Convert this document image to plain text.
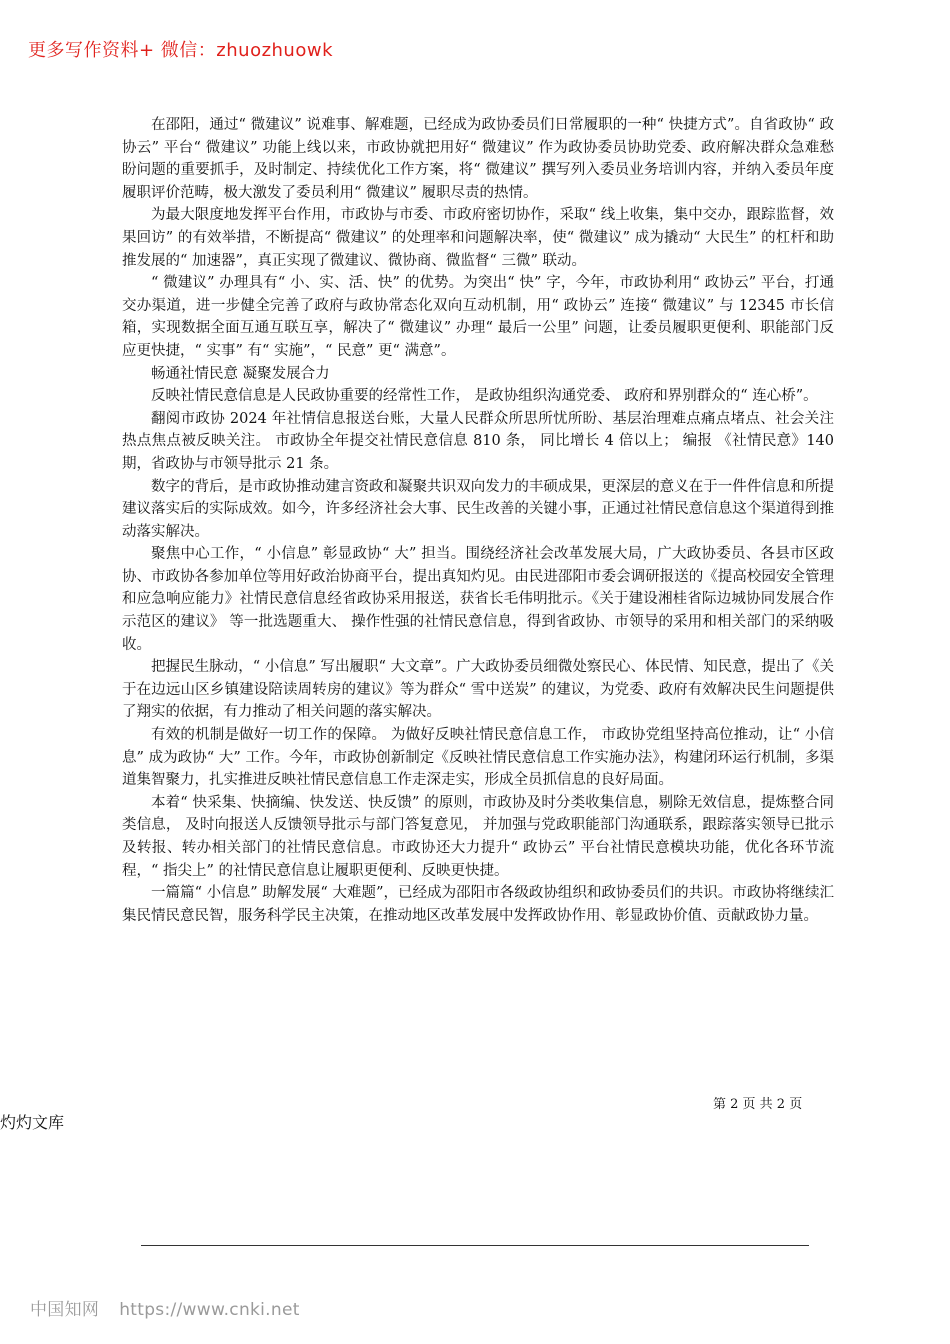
更多写作资料+ 微信：zhuozhuowk

在邵阳，通过“ 微建议” 说难事、解难题，已经成为政协委员们日常履职的一种“ 快捷方式”。自省政协“ 政协云” 平台“ 微建议” 功能上线以来，市政协就把用好“ 微建议” 作为政协委员协助党委、政府解决群众急难愁盼问题的重要抓手，及时制定、持续优化工作方案，将“ 微建议” 撰写列入委员业务培训内容，并纳入委员年度履职评价范畴，极大激发了委员利用“ 微建议” 履职尽责的热情。

为最大限度地发挥平台作用，市政协与市委、市政府密切协作，采取“ 线上收集，集中交办，跟踪监督，效果回访” 的有效举措，不断提高“ 微建议” 的处理率和问题解决率，使“ 微建议” 成为撬动“ 大民生” 的杠杆和助推发展的“ 加速器”，真正实现了微建议、微协商、微监督“ 三微” 联动。

“ 微建议” 办理具有“ 小、实、活、快” 的优势。为突出“ 快” 字，今年，市政协利用“ 政协云” 平台，打通交办渠道，进一步健全完善了政府与政协常态化双向互动机制，用“ 政协云” 连接“ 微建议” 与 12345 市长信箱，实现数据全面互通互联互享，解决了“ 微建议” 办理“ 最后一公里” 问题，让委员履职更便利、职能部门反应更快捷，“ 实事” 有“ 实施”，“ 民意” 更“ 满意”。

畅通社情民意 凝聚发展合力

反映社情民意信息是人民政协重要的经常性工作， 是政协组织沟通党委、 政府和界别群众的“ 连心桥”。

翻阅市政协 2024 年社情信息报送台账，大量人民群众所思所忧所盼、基层治理难点痛点堵点、社会关注热点焦点被反映关注。 市政协全年提交社情民意信息 810 条， 同比增长 4 倍以上； 编报 《社情民意》140 期，省政协与市领导批示 21 条。

数字的背后，是市政协推动建言资政和凝聚共识双向发力的丰硕成果，更深层的意义在于一件件信息和所提建议落实后的实际成效。如今，许多经济社会大事、民生改善的关键小事，正通过社情民意信息这个渠道得到推动落实解决。

聚焦中心工作，“ 小信息” 彰显政协“ 大” 担当。围绕经济社会改革发展大局，广大政协委员、各县市区政协、市政协各参加单位等用好政治协商平台，提出真知灼见。由民进邵阳市委会调研报送的《提高校园安全管理和应急响应能力》社情民意信息经省政协采用报送，获省长毛伟明批示。《关于建设湘桂省际边城协同发展合作示范区的建议》 等一批选题重大、 操作性强的社情民意信息，得到省政协、市领导的采用和相关部门的采纳吸收。

把握民生脉动，“ 小信息” 写出履职“ 大文章”。广大政协委员细微处察民心、体民情、知民意，提出了《关于在边远山区乡镇建设陪读周转房的建议》等为群众“ 雪中送炭” 的建议，为党委、政府有效解决民生问题提供了翔实的依据，有力推动了相关问题的落实解决。

有效的机制是做好一切工作的保障。 为做好反映社情民意信息工作， 市政协党组坚持高位推动，让“ 小信息” 成为政协“ 大” 工作。今年，市政协创新制定《反映社情民意信息工作实施办法》，构建闭环运行机制，多渠道集智聚力，扎实推进反映社情民意信息工作走深走实，形成全员抓信息的良好局面。

本着“ 快采集、快摘编、快发送、快反馈” 的原则，市政协及时分类收集信息，剔除无效信息，提炼整合同类信息， 及时向报送人反馈领导批示与部门答复意见， 并加强与党政职能部门沟通联系，跟踪落实领导已批示及转报、转办相关部门的社情民意信息。市政协还大力提升“ 政协云” 平台社情民意模块功能，优化各环节流程，“ 指尖上” 的社情民意信息让履职更便利、反映更快捷。

一篇篇“ 小信息” 助解发展“ 大难题”，已经成为邵阳市各级政协组织和政协委员们的共识。市政协将继续汇集民情民意民智，服务科学民主决策，在推动地区改革发展中发挥政协作用、彰显政协价值、贡献政协力量。

第 2 页 共 2 页
灼灼文库
中国知网 https://www.cnki.net
